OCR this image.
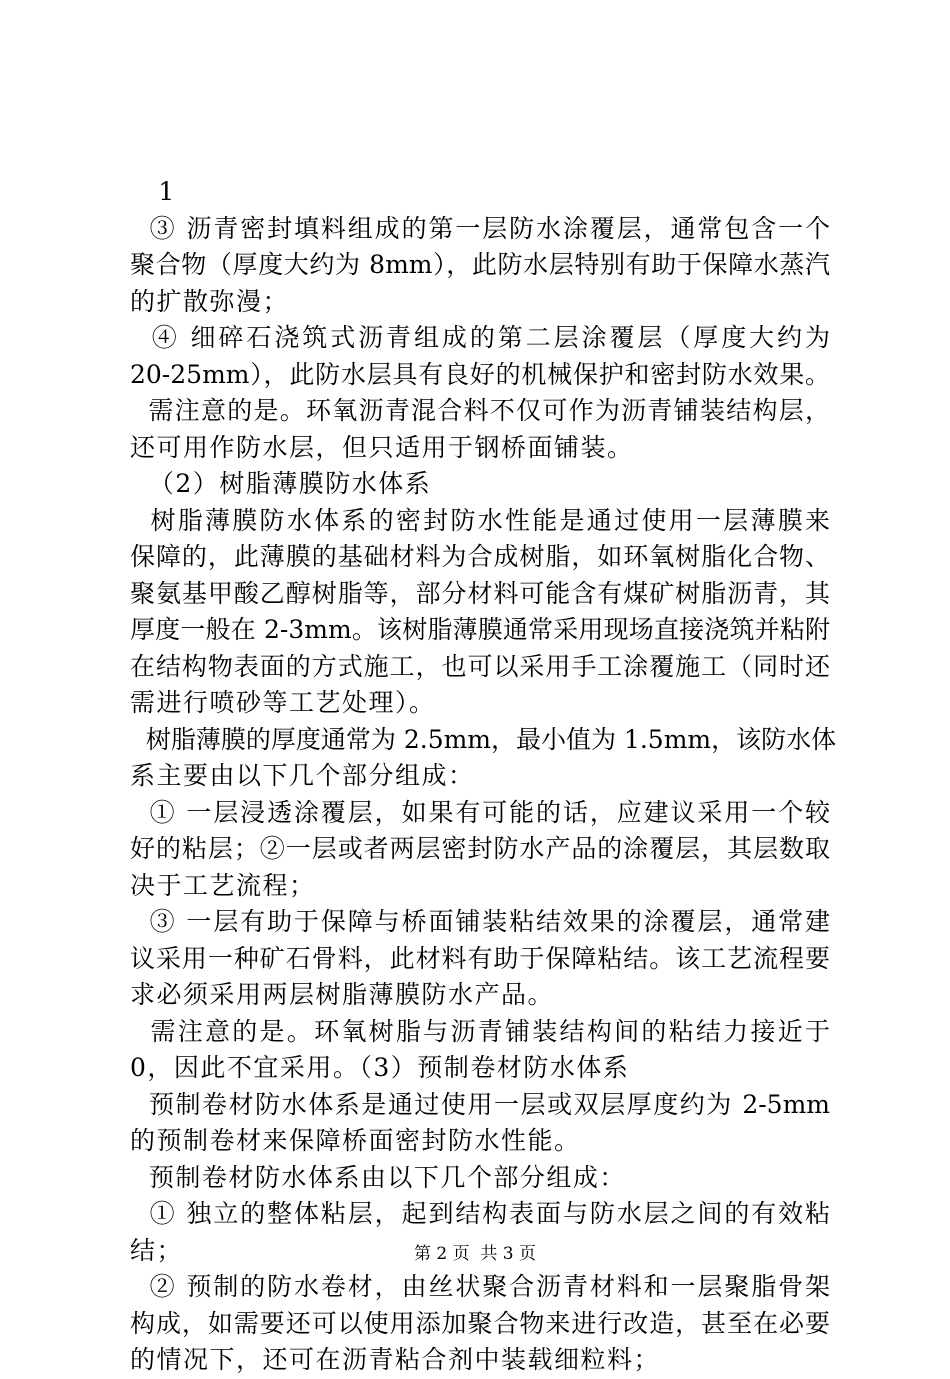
1
③ 沥青密封填料组成的第一层防水涂覆层，通常包含一个
聚合物（厚度大约为 8mm），此防水层特别有助于保障水蒸汽
的扩散弥漫；
④ 细碎石浇筑式沥青组成的第二层涂覆层（厚度大约为
20-25mm），此防水层具有良好的机械保护和密封防水效果。
需注意的是。环氧沥青混合料不仅可作为沥青铺装结构层，
还可用作防水层，但只适用于钢桥面铺装。
（2）树脂薄膜防水体系
树脂薄膜防水体系的密封防水性能是通过使用一层薄膜来
保障的，此薄膜的基础材料为合成树脂，如环氧树脂化合物、
聚氨基甲酸乙醇树脂等，部分材料可能含有煤矿树脂沥青，其
厚度一般在 2-3mm。该树脂薄膜通常采用现场直接浇筑并粘附
在结构物表面的方式施工，也可以采用手工涂覆施工（同时还
需进行喷砂等工艺处理）。
树脂薄膜的厚度通常为 2.5mm，最小值为 1.5mm，该防水体
系主要由以下几个部分组成：
① 一层浸透涂覆层，如果有可能的话，应建议采用一个较
好的粘层；②一层或者两层密封防水产品的涂覆层，其层数取
决于工艺流程；
③ 一层有助于保障与桥面铺装粘结效果的涂覆层，通常建
议采用一种矿石骨料，此材料有助于保障粘结。该工艺流程要
求必须采用两层树脂薄膜防水产品。
需注意的是。环氧树脂与沥青铺装结构间的粘结力接近于
0，因此不宜采用。（3）预制卷材防水体系
预制卷材防水体系是通过使用一层或双层厚度约为 2-5mm
的预制卷材来保障桥面密封防水性能。
预制卷材防水体系由以下几个部分组成：
① 独立的整体粘层，起到结构表面与防水层之间的有效粘
结；
② 预制的防水卷材，由丝状聚合沥青材料和一层聚脂骨架
构成，如需要还可以使用添加聚合物来进行改造，甚至在必要
的情况下，还可在沥青粘合剂中装载细粒料；
第 2 页  共 3 页
